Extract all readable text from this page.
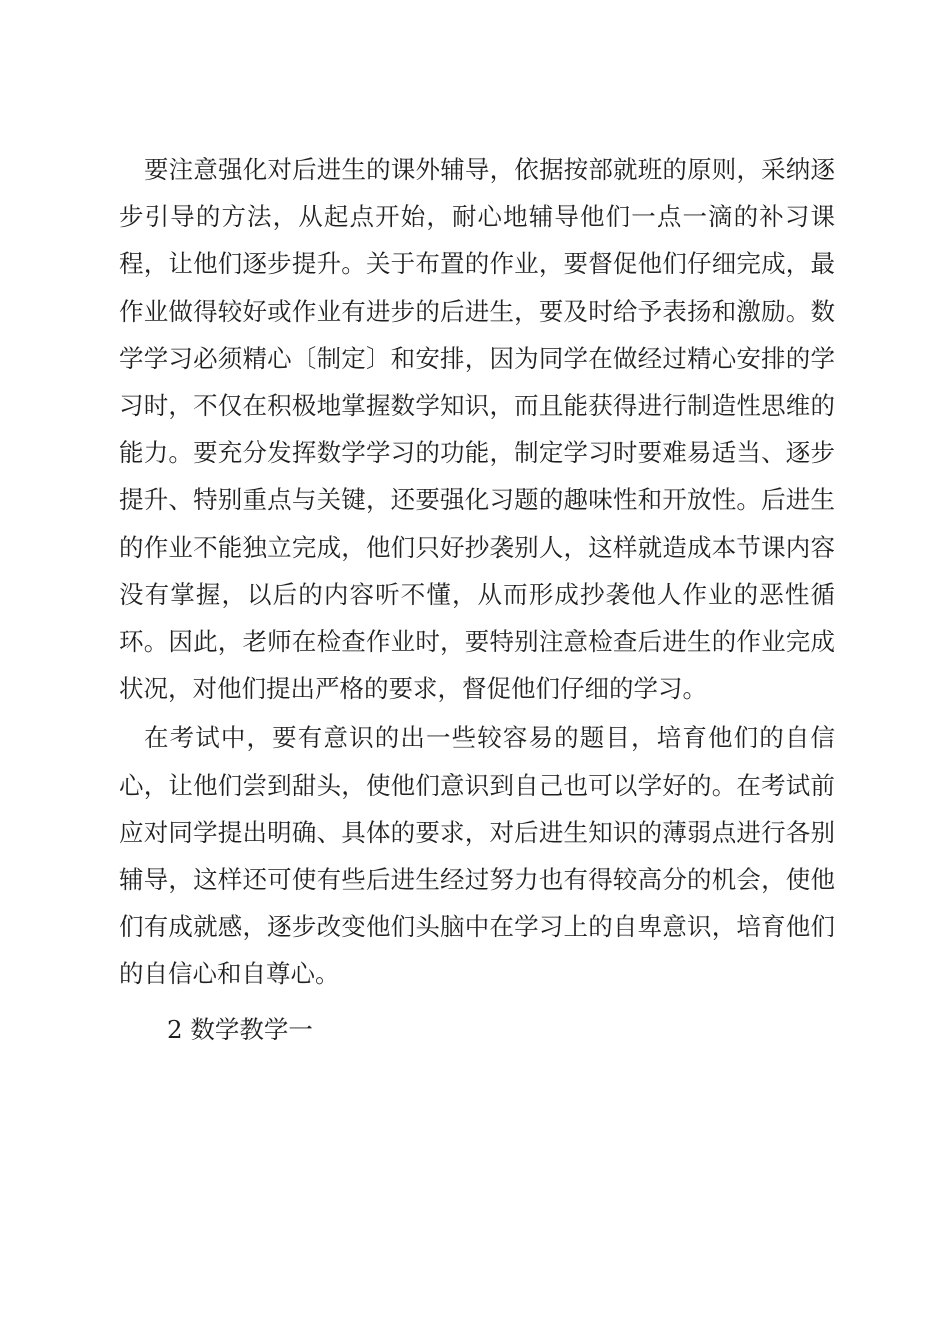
要注意强化对后进生的课外辅导，依据按部就班的原则，采纳逐步引导的方法，从起点开始，耐心地辅导他们一点一滴的补习课程，让他们逐步提升。关于布置的作业，要督促他们仔细完成，最作业做得较好或作业有进步的后进生，要及时给予表扬和激励。数学学习必须精心〔制定〕和安排，因为同学在做经过精心安排的学习时，不仅在积极地掌握数学知识，而且能获得进行制造性思维的能力。要充分发挥数学学习的功能，制定学习时要难易适当、逐步提升、特别重点与关键，还要强化习题的趣味性和开放性。后进生的作业不能独立完成，他们只好抄袭别人，这样就造成本节课内容没有掌握，以后的内容听不懂，从而形成抄袭他人作业的恶性循环。因此，老师在检查作业时，要特别注意检查后进生的作业完成状况，对他们提出严格的要求，督促他们仔细的学习。

在考试中，要有意识的出一些较容易的题目，培育他们的自信心，让他们尝到甜头，使他们意识到自己也可以学好的。在考试前应对同学提出明确、具体的要求，对后进生知识的薄弱点进行各别辅导，这样还可使有些后进生经过努力也有得较高分的机会，使他们有成就感，逐步改变他们头脑中在学习上的自卑意识，培育他们的自信心和自尊心。

2 数学教学一
